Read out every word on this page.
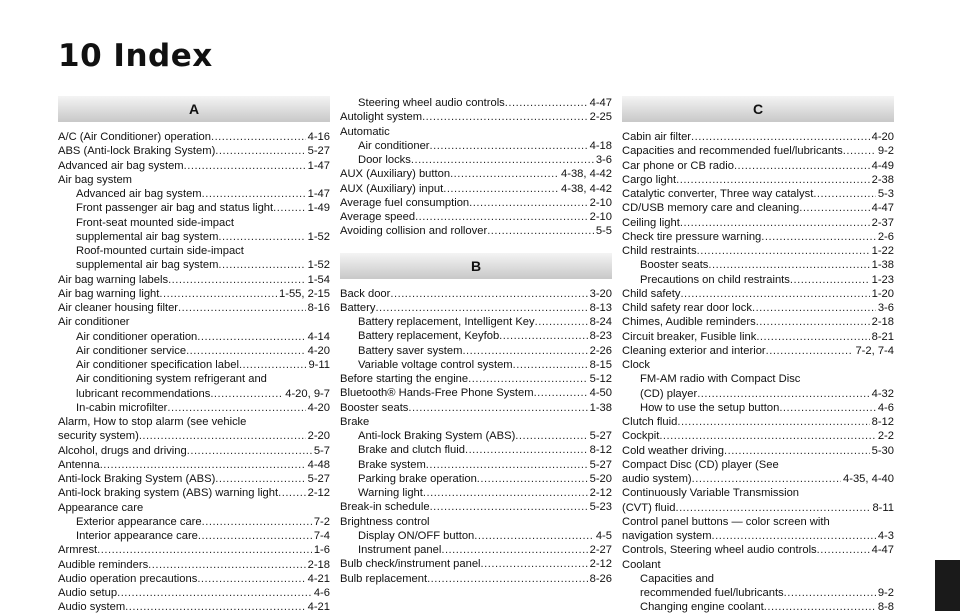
10 Index
A
A/C (Air Conditioner) operation .....	4-16
ABS (Anti-lock Braking System) .....	5-27
Advanced air bag system .....	1-47
Air bag system
Advanced air bag system .....	1-47
Front passenger air bag and status light .....	1-49
Front-seat mounted side-impact
supplemental air bag system .....	1-52
Roof-mounted curtain side-impact
supplemental air bag system .....	1-52
Air bag warning labels .....	1-54
Air bag warning light .....	1-55, 2-15
Air cleaner housing filter .....	8-16
Air conditioner
Air conditioner operation .....	4-14
Air conditioner service .....	4-20
Air conditioner specification label .....	9-11
Air conditioning system refrigerant and
lubricant recommendations .....	4-20, 9-7
In-cabin microfilter .....	4-20
Alarm, How to stop alarm (see vehicle
security system) .....	2-20
Alcohol, drugs and driving .....	5-7
Antenna .....	4-48
Anti-lock Braking System (ABS) .....	5-27
Anti-lock braking system (ABS) warning light .....	2-12
Appearance care
Exterior appearance care .....	7-2
Interior appearance care .....	7-4
Armrest .....	1-6
Audible reminders .....	2-18
Audio operation precautions .....	4-21
Audio setup .....	4-6
Audio system .....	4-21
Steering wheel audio controls .....	4-47
Autolight system .....	2-25
Automatic
Air conditioner .....	4-18
Door locks .....	3-6
AUX (Auxiliary) button .....	4-38, 4-42
AUX (Auxiliary) input .....	4-38, 4-42
Average fuel consumption .....	2-10
Average speed .....	2-10
Avoiding collision and rollover .....	5-5
B
Back door .....	3-20
Battery .....	8-13
Battery replacement, Intelligent Key .....	8-24
Battery replacement, Keyfob .....	8-23
Battery saver system .....	2-26
Variable voltage control system .....	8-15
Before starting the engine .....	5-12
Bluetooth® Hands-Free Phone System .....	4-50
Booster seats .....	1-38
Brake
Anti-lock Braking System (ABS) .....	5-27
Brake and clutch fluid .....	8-12
Brake system .....	5-27
Parking brake operation .....	5-20
Warning light .....	2-12
Break-in schedule .....	5-23
Brightness control
Display ON/OFF button .....	4-5
Instrument panel .....	2-27
Bulb check/instrument panel .....	2-12
Bulb replacement .....	8-26
C
Cabin air filter .....	4-20
Capacities and recommended fuel/lubricants .....	9-2
Car phone or CB radio .....	4-49
Cargo light .....	2-38
Catalytic converter, Three way catalyst .....	5-3
CD/USB memory care and cleaning .....	4-47
Ceiling light .....	2-37
Check tire pressure warning .....	2-6
Child restraints .....	1-22
Booster seats .....	1-38
Precautions on child restraints .....	1-23
Child safety .....	1-20
Child safety rear door lock .....	3-6
Chimes, Audible reminders .....	2-18
Circuit breaker, Fusible link .....	8-21
Cleaning exterior and interior .....	7-2, 7-4
Clock
FM-AM radio with Compact Disc
(CD) player .....	4-32
How to use the setup button .....	4-6
Clutch fluid .....	8-12
Cockpit .....	2-2
Cold weather driving .....	5-30
Compact Disc (CD) player (See
audio system) .....	4-35, 4-40
Continuously Variable Transmission
(CVT) fluid .....	8-11
Control panel buttons — color screen with
navigation system .....	4-3
Controls, Steering wheel audio controls .....	4-47
Coolant
Capacities and
recommended fuel/lubricants .....	9-2
Changing engine coolant .....	8-8
